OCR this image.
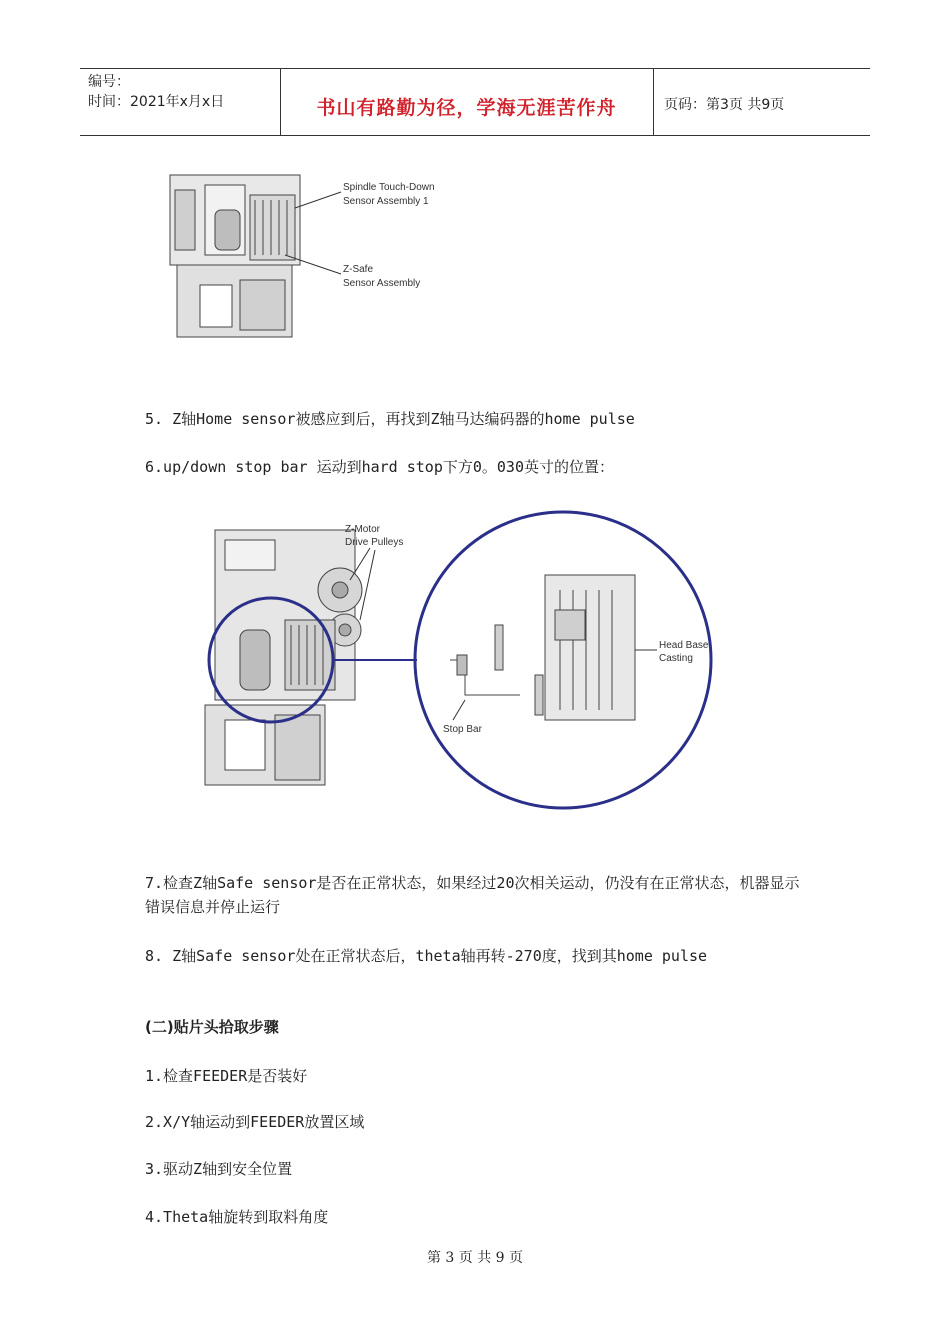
编号：
时间：2021年x月x日	书山有路勤为径，学海无涯苦作舟	页码：第3页 共9页
Spindle Touch-Down
Sensor Assembly 1
Z-Safe
Sensor Assembly
5. Z轴Home sensor被感应到后，再找到Z轴马达编码器的home pulse
6.up/down stop bar 运动到hard stop下方0。030英寸的位置：
Z-Motor
Drive Pulleys
Head Base
Casting
Stop Bar
7.检查Z轴Safe sensor是否在正常状态，如果经过20次相关运动，仍没有在正常状态，机器显示错误信息并停止运行
8. Z轴Safe sensor处在正常状态后，theta轴再转-270度，找到其home pulse
(二)贴片头拾取步骤
1.检查FEEDER是否装好
2.X/Y轴运动到FEEDER放置区域
3.驱动Z轴到安全位置
4.Theta轴旋转到取料角度
第 3 页 共 9 页
